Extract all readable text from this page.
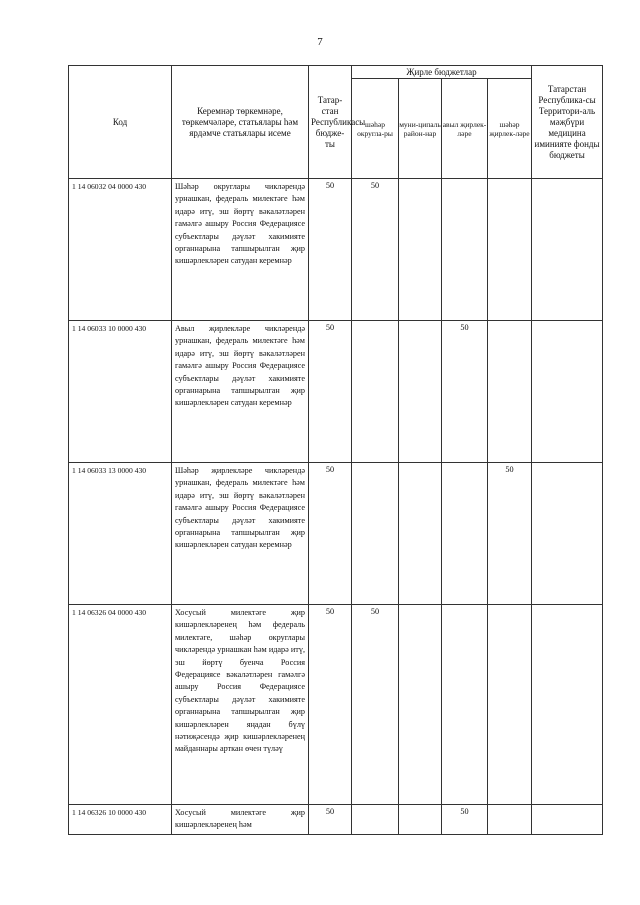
7
Код	Керемнәр төркемнәре, төркемчәләре, статьялары һәм ярдәмче статьялары исеме	Татар-стан Республикасы бюдже-ты	Җирле бюджетлар				Татарстан Республика-сы Территори-аль мәҗбүри медицина иминияте фонды бюджеты
			шәһәр округла-ры	муни-ципаль район-нар	авыл җирлек-ләре	шәһәр җирлек-ләре	
1 14 06032 04 0000 430	Шәһәр округлары чикләрендә урнашкан, федераль милектәге һәм идарә итү, эш йөртү вәкаләтләрен гамәлгә ашыру Россия Федерациясе субъектлары дәүләт хакимияте органнарына тапшырылган җир кишәрлекләрен сатудан керемнәр	50	50				
1 14 06033 10 0000 430	Авыл җирлекләре чикләрендә урнашкан, федераль милектәге һәм идарә итү, эш йөртү вәкаләтләрен гамәлгә ашыру Россия Федерациясе субъектлары дәүләт хакимияте органнарына тапшырылган җир кишәрлекләрен сатудан керемнәр	50			50		
1 14 06033 13 0000 430	Шәһәр җирлекләре чикләрендә урнашкан, федераль милектәге һәм идарә итү, эш йөртү вәкаләтләрен гамәлгә ашыру Россия Федерациясе субъектлары дәүләт хакимияте органнарына тапшырылган җир кишәрлекләрен сатудан керемнәр	50				50	
1 14 06326 04 0000 430	Хосусый милектәге җир кишәрлекләренең һәм федераль милектәге, шәһәр округлары чикләрендә урнашкан һәм идарә итү, эш йөртү буенча Россия Федерациясе вәкаләтләрен гамәлгә ашыру Россия Федерациясе субъектлары дәүләт хакимияте органнарына тапшырылган җир кишәрлекләрен яңадан бүлү нәтиҗәсендә җир кишәрлекләренең майданнары арткан өчен түләү	50	50				
1 14 06326 10 0000 430	Хосусый милектәге җир кишәрлекләренең һәм	50			50		
